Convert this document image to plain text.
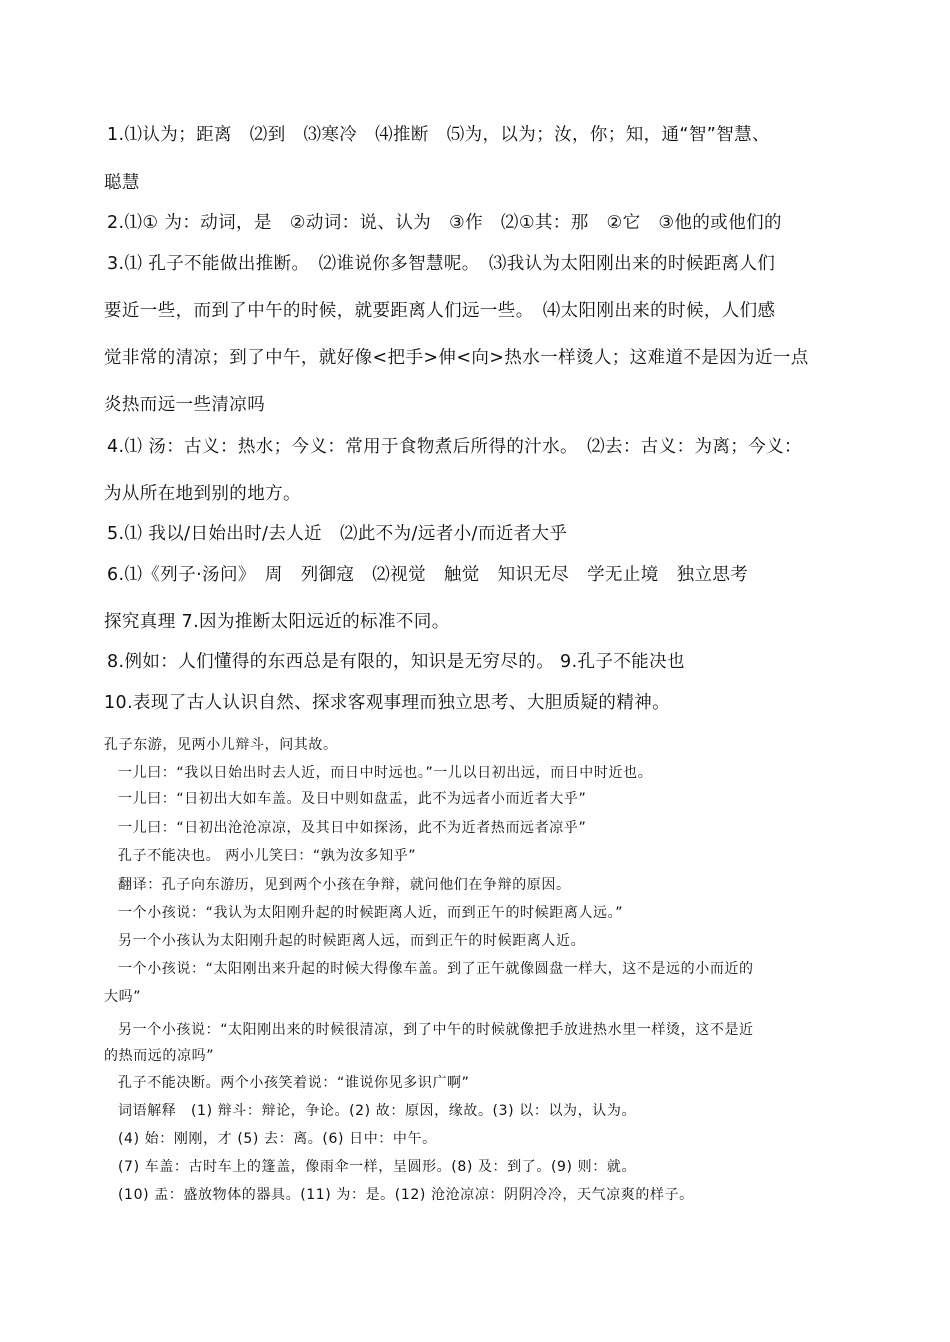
1.⑴认为；距离　⑵到　⑶寒冷　⑷推断　⑸为，以为；汝，你；知，通“智”智慧、
聪慧
2.⑴① 为：动词，是　②动词：说、认为　③作　⑵①其：那　②它　③他的或他们的
3.⑴ 孔子不能做出推断。　⑵谁说你多智慧呢。　⑶我认为太阳刚出来的时候距离人们
要近一些，而到了中午的时候，就要距离人们远一些。　⑷太阳刚出来的时候，人们感
觉非常的清凉；到了中午，就好像<把手>伸<向>热水一样烫人；这难道不是因为近一点
炎热而远一些清凉吗
4.⑴ 汤：古义：热水；今义：常用于食物煮后所得的汁水。　⑵去：古义：为离；今义：
为从所在地到别的地方。
5.⑴ 我以/日始出时/去人近　⑵此不为/远者小/而近者大乎
6.⑴《列子·汤问》　周　列御寇　⑵视觉　触觉　知识无尽　学无止境　独立思考
探究真理 7.因为推断太阳远近的标准不同。
8.例如：人们懂得的东西总是有限的，知识是无穷尽的。 9.孔子不能决也
10.表现了古人认识自然、探求客观事理而独立思考、大胆质疑的精神。
孔子东游，见两小儿辩斗，问其故。
一儿曰：“我以日始出时去人近，而日中时远也。”一儿以日初出远，而日中时近也。
一儿曰：“日初出大如车盖。及日中则如盘盂，此不为远者小而近者大乎”
一儿曰：“日初出沧沧凉凉，及其日中如探汤，此不为近者热而远者凉乎”
孔子不能决也。 两小儿笑曰：“孰为汝多知乎”
翻译：孔子向东游历，见到两个小孩在争辩，就问他们在争辩的原因。
一个小孩说：“我认为太阳刚升起的时候距离人近，而到正午的时候距离人远。”
另一个小孩认为太阳刚升起的时候距离人远，而到正午的时候距离人近。
一个小孩说：“太阳刚出来升起的时候大得像车盖。到了正午就像圆盘一样大，这不是远的小而近的
大吗”
另一个小孩说：“太阳刚出来的时候很清凉，到了中午的时候就像把手放进热水里一样烫，这不是近
的热而远的凉吗”
孔子不能决断。两个小孩笑着说：“谁说你见多识广啊”
词语解释　(1) 辩斗：辩论，争论。(2) 故：原因，缘故。(3) 以：以为，认为。
(4) 始：刚刚，才 (5) 去：离。(6) 日中：中午。
(7) 车盖：古时车上的篷盖，像雨伞一样，呈圆形。(8) 及：到了。(9) 则：就。
(10) 盂：盛放物体的器具。(11) 为：是。(12) 沧沧凉凉：阴阴冷冷，天气凉爽的样子。
